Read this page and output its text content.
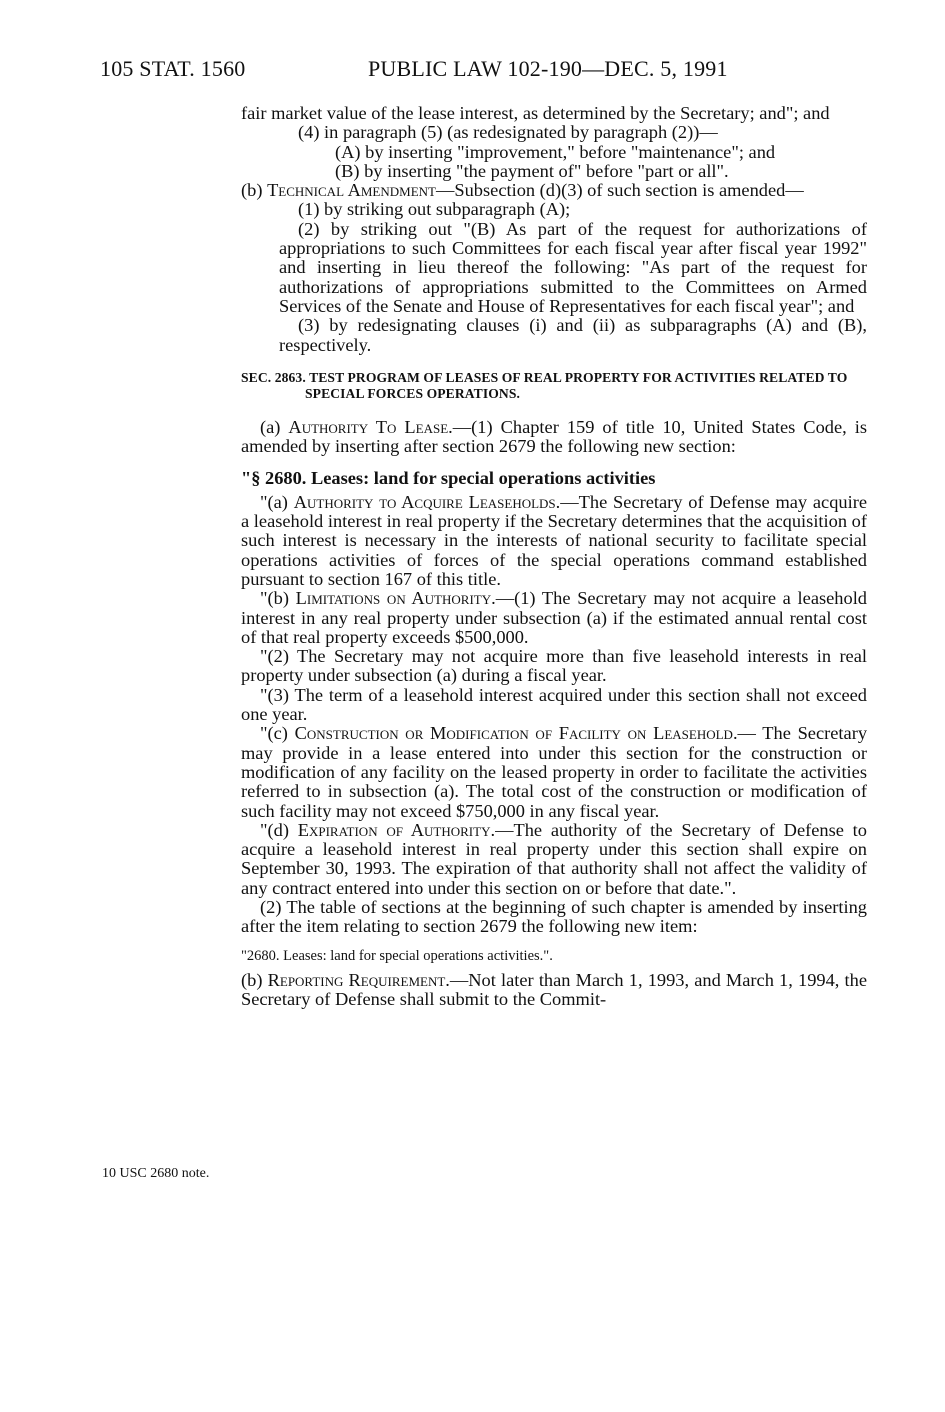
105 STAT. 1560	PUBLIC LAW 102-190—DEC. 5, 1991
10 USC 2680 note.

fair market value of the lease interest, as determined by the Secretary; and"; and

(4) in paragraph (5) (as redesignated by paragraph (2))—

(A) by inserting "improvement," before "maintenance"; and

(B) by inserting "the payment of" before "part or all".

(b) Technical Amendment—Subsection (d)(3) of such section is amended—

(1) by striking out subparagraph (A);

(2) by striking out "(B) As part of the request for authorizations of appropriations to such Committees for each fiscal year after fiscal year 1992" and inserting in lieu thereof the following: "As part of the request for authorizations of appropriations submitted to the Committees on Armed Services of the Senate and House of Representatives for each fiscal year"; and

(3) by redesignating clauses (i) and (ii) as subparagraphs (A) and (B), respectively.

SEC. 2863. TEST PROGRAM OF LEASES OF REAL PROPERTY FOR ACTIVITIES RELATED TO SPECIAL FORCES OPERATIONS.

(a) Authority To Lease.—(1) Chapter 159 of title 10, United States Code, is amended by inserting after section 2679 the following new section:

"§ 2680. Leases: land for special operations activities

"(a) Authority to Acquire Leaseholds.—The Secretary of Defense may acquire a leasehold interest in real property if the Secretary determines that the acquisition of such interest is necessary in the interests of national security to facilitate special operations activities of forces of the special operations command established pursuant to section 167 of this title.

"(b) Limitations on Authority.—(1) The Secretary may not acquire a leasehold interest in any real property under subsection (a) if the estimated annual rental cost of that real property exceeds $500,000.

"(2) The Secretary may not acquire more than five leasehold interests in real property under subsection (a) during a fiscal year.

"(3) The term of a leasehold interest acquired under this section shall not exceed one year.

"(c) Construction or Modification of Facility on Leasehold.— The Secretary may provide in a lease entered into under this section for the construction or modification of any facility on the leased property in order to facilitate the activities referred to in subsection (a). The total cost of the construction or modification of such facility may not exceed $750,000 in any fiscal year.

"(d) Expiration of Authority.—The authority of the Secretary of Defense to acquire a leasehold interest in real property under this section shall expire on September 30, 1993. The expiration of that authority shall not affect the validity of any contract entered into under this section on or before that date.".

(2) The table of sections at the beginning of such chapter is amended by inserting after the item relating to section 2679 the following new item:

"2680. Leases: land for special operations activities.".

(b) Reporting Requirement.—Not later than March 1, 1993, and March 1, 1994, the Secretary of Defense shall submit to the Commit-
